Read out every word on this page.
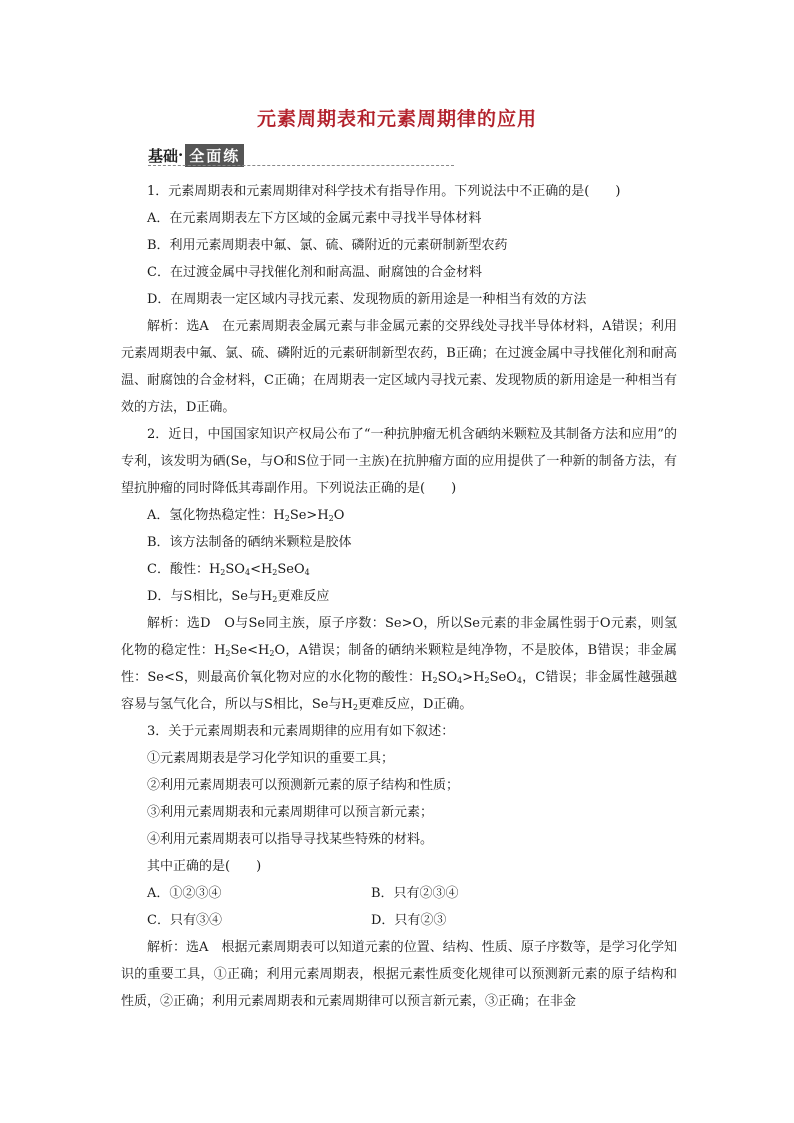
元素周期表和元素周期律的应用
基础 · 全面练

1．元素周期表和元素周期律对科学技术有指导作用。下列说法中不正确的是(　　)

A．在元素周期表左下方区域的金属元素中寻找半导体材料

B．利用元素周期表中氟、氯、硫、磷附近的元素研制新型农药

C．在过渡金属中寻找催化剂和耐高温、耐腐蚀的合金材料

D．在周期表一定区域内寻找元素、发现物质的新用途是一种相当有效的方法

解析：选A　在元素周期表金属元素与非金属元素的交界线处寻找半导体材料，A错误；利用元素周期表中氟、氯、硫、磷附近的元素研制新型农药，B正确；在过渡金属中寻找催化剂和耐高温、耐腐蚀的合金材料，C正确；在周期表一定区域内寻找元素、发现物质的新用途是一种相当有效的方法，D正确。

2．近日，中国国家知识产权局公布了“一种抗肿瘤无机含硒纳米颗粒及其制备方法和应用”的专利，该发明为硒(Se，与O和S位于同一主族)在抗肿瘤方面的应用提供了一种新的制备方法，有望抗肿瘤的同时降低其毒副作用。下列说法正确的是(　　)

A．氢化物热稳定性：$H_2Se>H_2O$

B．该方法制备的硒纳米颗粒是胶体

C．酸性：$H_2SO_4<H_2SeO_4$

D．与S相比，Se与$H_2$更难反应

解析：选D　O与Se同主族，原子序数：Se>O，所以Se元素的非金属性弱于O元素，则氢化物的稳定性：$H_2Se<H_2O$，A错误；制备的硒纳米颗粒是纯净物，不是胶体，B错误；非金属性：Se<S，则最高价氧化物对应的水化物的酸性：$H_2SO_4>H_2SeO_4$，C错误；非金属性越强越容易与氢气化合，所以与S相比，Se与$H_2$更难反应，D正确。

3．关于元素周期表和元素周期律的应用有如下叙述：

①元素周期表是学习化学知识的重要工具；

②利用元素周期表可以预测新元素的原子结构和性质；

③利用元素周期表和元素周期律可以预言新元素；

④利用元素周期表可以指导寻找某些特殊的材料。

其中正确的是(　　)

A．①②③④	B．只有②③④
C．只有③④	D．只有②③

解析：选A　根据元素周期表可以知道元素的位置、结构、性质、原子序数等，是学习化学知识的重要工具，①正确；利用元素周期表，根据元素性质变化规律可以预测新元素的原子结构和性质，②正确；利用元素周期表和元素周期律可以预言新元素，③正确；在非金
